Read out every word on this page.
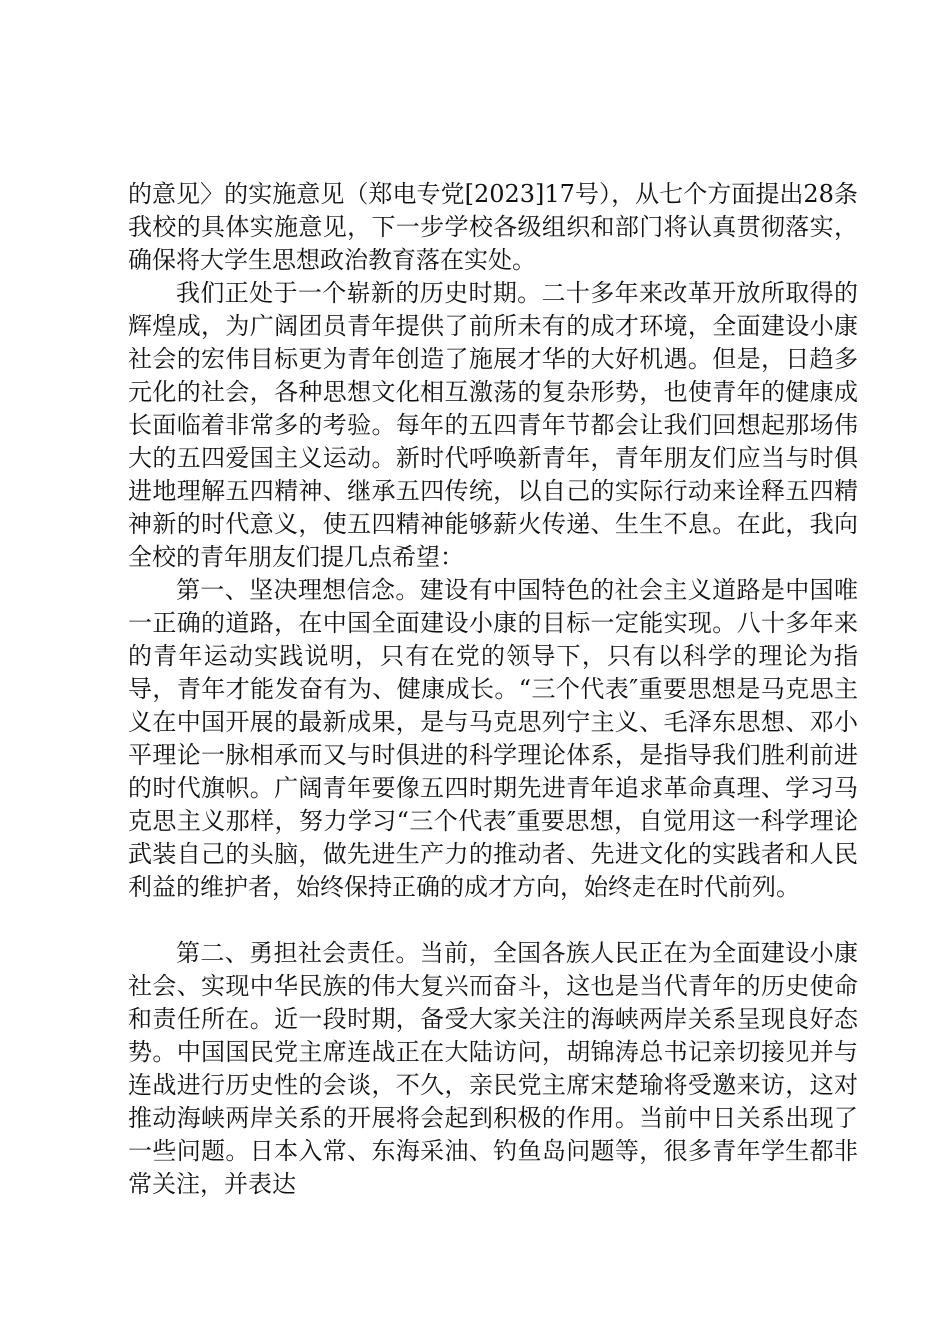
的意见〉的实施意见（郑电专党[2023]17号），从七个方面提出28条我校的具体实施意见，下一步学校各级组织和部门将认真贯彻落实，确保将大学生思想政治教育落在实处。

我们正处于一个崭新的历史时期。二十多年来改革开放所取得的辉煌成，为广阔团员青年提供了前所未有的成才环境，全面建设小康社会的宏伟目标更为青年创造了施展才华的大好机遇。但是，日趋多元化的社会，各种思想文化相互激荡的复杂形势，也使青年的健康成长面临着非常多的考验。每年的五四青年节都会让我们回想起那场伟大的五四爱国主义运动。新时代呼唤新青年，青年朋友们应当与时俱进地理解五四精神、继承五四传统，以自己的实际行动来诠释五四精神新的时代意义，使五四精神能够薪火传递、生生不息。在此，我向全校的青年朋友们提几点希望：

第一、坚决理想信念。建设有中国特色的社会主义道路是中国唯一正确的道路，在中国全面建设小康的目标一定能实现。八十多年来的青年运动实践说明，只有在党的领导下，只有以科学的理论为指导，青年才能发奋有为、健康成长。“三个代表″重要思想是马克思主义在中国开展的最新成果，是与马克思列宁主义、毛泽东思想、邓小平理论一脉相承而又与时俱进的科学理论体系，是指导我们胜利前进的时代旗帜。广阔青年要像五四时期先进青年追求革命真理、学习马克思主义那样，努力学习“三个代表″重要思想，自觉用这一科学理论武装自己的头脑，做先进生产力的推动者、先进文化的实践者和人民利益的维护者，始终保持正确的成才方向，始终走在时代前列。

第二、勇担社会责任。当前，全国各族人民正在为全面建设小康社会、实现中华民族的伟大复兴而奋斗，这也是当代青年的历史使命和责任所在。近一段时期，备受大家关注的海峡两岸关系呈现良好态势。中国国民党主席连战正在大陆访问，胡锦涛总书记亲切接见并与连战进行历史性的会谈，不久，亲民党主席宋楚瑜将受邀来访，这对推动海峡两岸关系的开展将会起到积极的作用。当前中日关系出现了一些问题。日本入常、东海采油、钓鱼岛问题等，很多青年学生都非常关注，并表达
